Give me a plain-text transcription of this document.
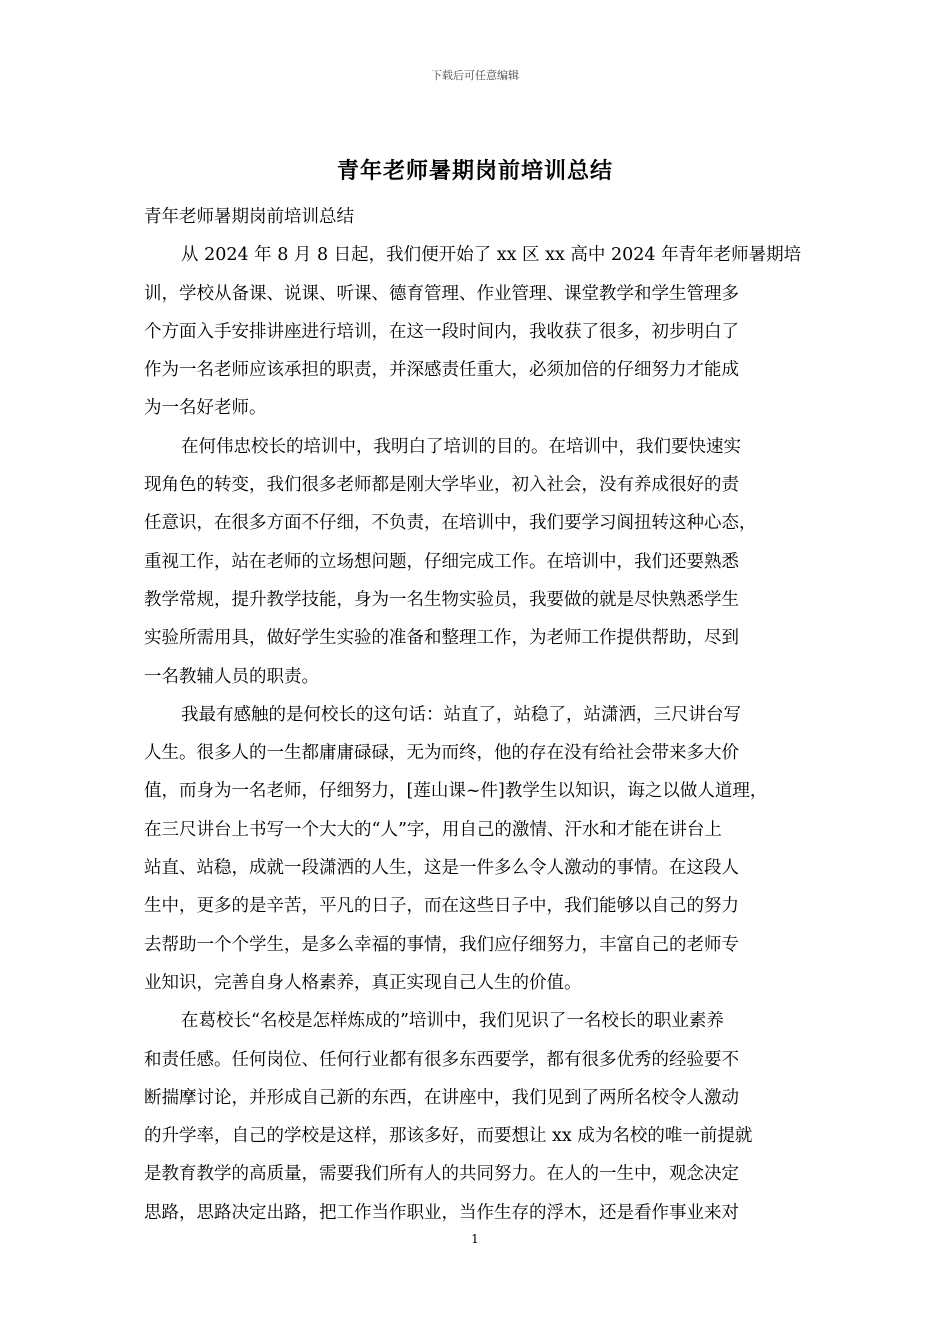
下载后可任意编辑
青年老师暑期岗前培训总结
青年老师暑期岗前培训总结
从 2024 年 8 月 8 日起，我们便开始了 xx 区 xx 高中 2024 年青年老师暑期培
训，学校从备课、说课、听课、德育管理、作业管理、课堂教学和学生管理多
个方面入手安排讲座进行培训，在这一段时间内，我收获了很多，初步明白了
作为一名老师应该承担的职责，并深感责任重大，必须加倍的仔细努力才能成
为一名好老师。
在何伟忠校长的培训中，我明白了培训的目的。在培训中，我们要快速实
现角色的转变，我们很多老师都是刚大学毕业，初入社会，没有养成很好的责
任意识，在很多方面不仔细，不负责，在培训中，我们要学习阆扭转这种心态，
重视工作，站在老师的立场想问题，仔细完成工作。在培训中，我们还要熟悉
教学常规，提升教学技能，身为一名生物实验员，我要做的就是尽快熟悉学生
实验所需用具，做好学生实验的准备和整理工作，为老师工作提供帮助，尽到
一名教辅人员的职责。
我最有感触的是何校长的这句话：站直了，站稳了，站潇洒，三尺讲台写
人生。很多人的一生都庸庸碌碌，无为而终，他的存在没有给社会带来多大价
值，而身为一名老师，仔细努力，[莲山课~件]教学生以知识，诲之以做人道理，
在三尺讲台上书写一个大大的“人”字，用自己的激情、汗水和才能在讲台上
站直、站稳，成就一段潇洒的人生，这是一件多么令人激动的事情。在这段人
生中，更多的是辛苦，平凡的日子，而在这些日子中，我们能够以自己的努力
去帮助一个个学生，是多么幸福的事情，我们应仔细努力，丰富自己的老师专
业知识，完善自身人格素养，真正实现自己人生的价值。
在葛校长“名校是怎样炼成的”培训中，我们见识了一名校长的职业素养
和责任感。任何岗位、任何行业都有很多东西要学，都有很多优秀的经验要不
断揣摩讨论，并形成自己新的东西，在讲座中，我们见到了两所名校令人激动
的升学率，自己的学校是这样，那该多好，而要想让 xx 成为名校的唯一前提就
是教育教学的高质量，需要我们所有人的共同努力。在人的一生中，观念决定
思路，思路决定出路，把工作当作职业，当作生存的浮木，还是看作事业来对
1
